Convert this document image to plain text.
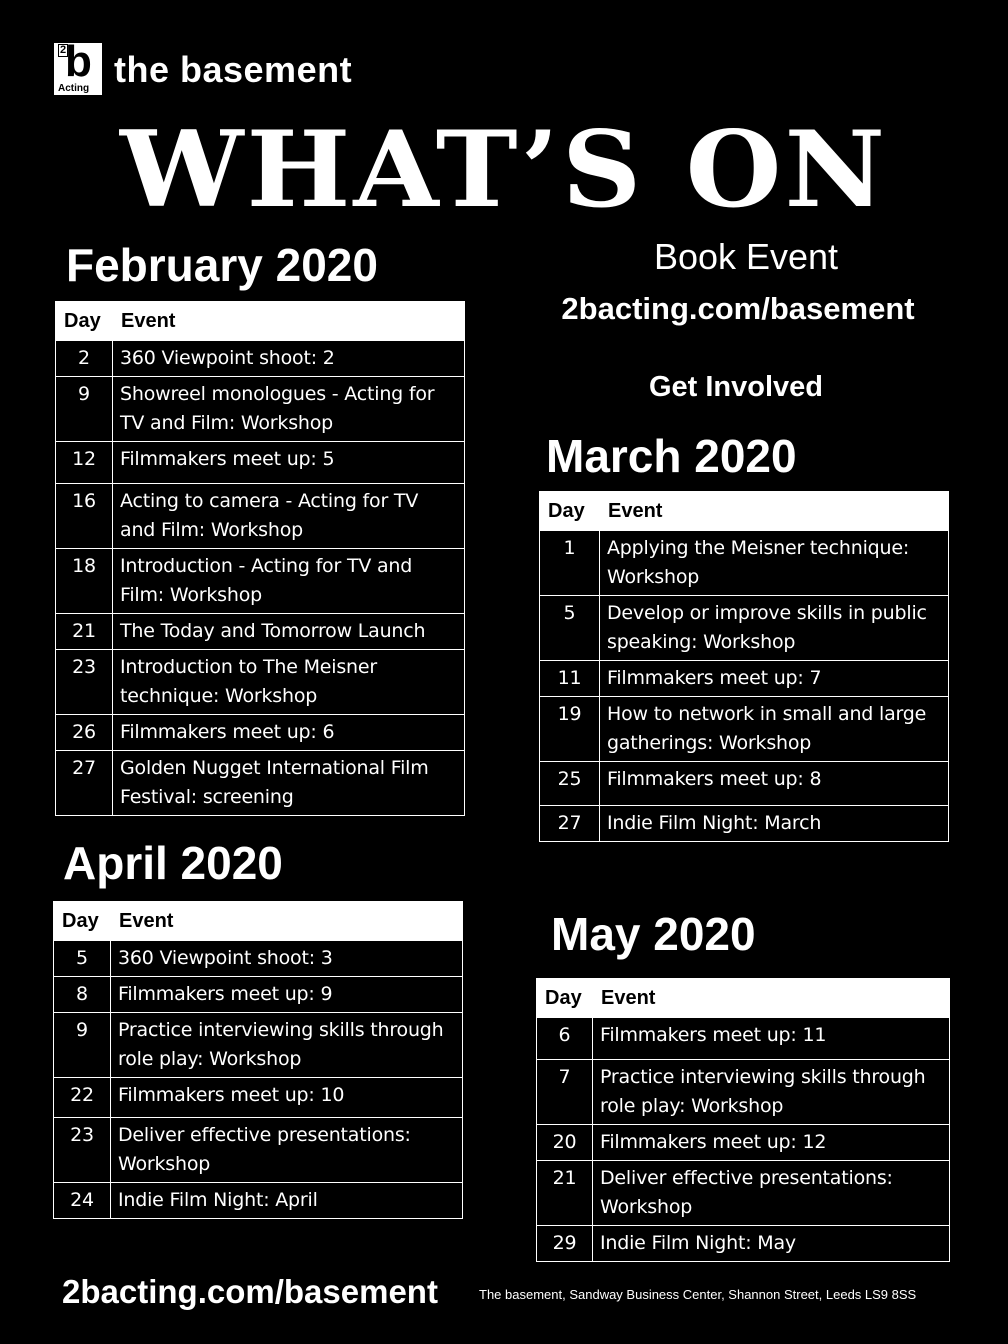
2
b
Acting the basement
WHAT’S ON
Book Event
2bacting.com/basement
Get Involved
February 2020
Day	Event
2	360 Viewpoint shoot: 2
9	Showreel monologues - Acting for TV and Film: Workshop
12	Filmmakers meet up: 5
16	Acting to camera - Acting for TV and Film: Workshop
18	Introduction - Acting for TV and Film: Workshop
21	The Today and Tomorrow Launch
23	Introduction to The Meisner technique: Workshop
26	Filmmakers meet up: 6
27	Golden Nugget International Film Festival: screening
March 2020
Day	Event
1	Applying the Meisner technique: Workshop
5	Develop or improve skills in public speaking: Workshop
11	Filmmakers meet up: 7
19	How to network in small and large gatherings: Workshop
25	Filmmakers meet up: 8
27	Indie Film Night: March
April 2020
Day	Event
5	360 Viewpoint shoot: 3
8	Filmmakers meet up: 9
9	Practice interviewing skills through role play: Workshop
22	Filmmakers meet up: 10
23	Deliver effective presentations: Workshop
24	Indie Film Night: April
May 2020
Day	Event
6	Filmmakers meet up: 11
7	Practice interviewing skills through role play: Workshop
20	Filmmakers meet up: 12
21	Deliver effective presentations: Workshop
29	Indie Film Night: May
2bacting.com/basement	The basement, Sandway Business Center, Shannon Street, Leeds LS9 8SS
